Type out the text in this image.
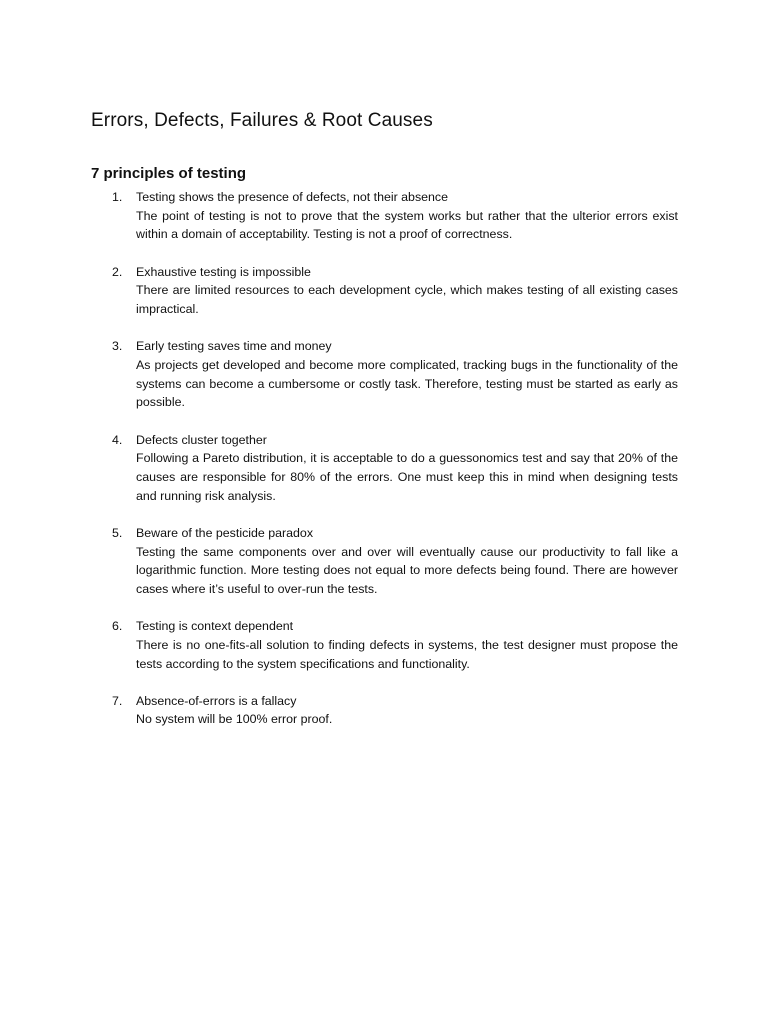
Errors, Defects, Failures & Root Causes
7 principles of testing
1. Testing shows the presence of defects, not their absence
The point of testing is not to prove that the system works but rather that the ulterior errors exist within a domain of acceptability. Testing is not a proof of correctness.
2. Exhaustive testing is impossible
There are limited resources to each development cycle, which makes testing of all existing cases impractical.
3. Early testing saves time and money
As projects get developed and become more complicated, tracking bugs in the functionality of the systems can become a cumbersome or costly task. Therefore, testing must be started as early as possible.
4. Defects cluster together
Following a Pareto distribution, it is acceptable to do a guessonomics test and say that 20% of the causes are responsible for 80% of the errors. One must keep this in mind when designing tests and running risk analysis.
5. Beware of the pesticide paradox
Testing the same components over and over will eventually cause our productivity to fall like a logarithmic function. More testing does not equal to more defects being found. There are however cases where it’s useful to over-run the tests.
6. Testing is context dependent
There is no one-fits-all solution to finding defects in systems, the test designer must propose the tests according to the system specifications and functionality.
7. Absence-of-errors is a fallacy
No system will be 100% error proof.
